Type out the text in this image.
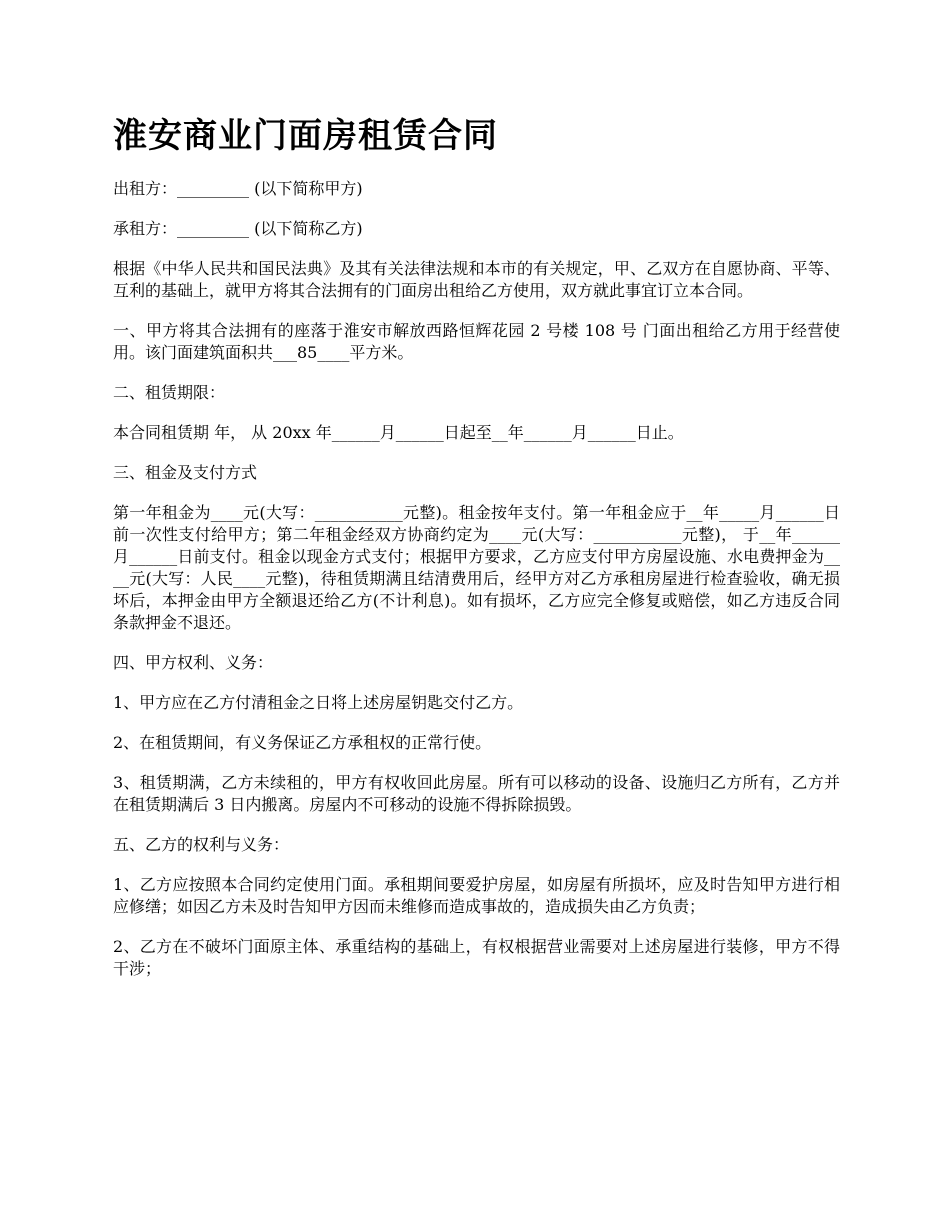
淮安商业门面房租赁合同

出租方：_________ (以下简称甲方)

承租方：_________ (以下简称乙方)

根据《中华人民共和国民法典》及其有关法律法规和本市的有关规定，甲、乙双方在自愿协商、平等、互利的基础上，就甲方将其合法拥有的门面房出租给乙方使用，双方就此事宜订立本合同。

一、甲方将其合法拥有的座落于淮安市解放西路恒辉花园 2 号楼 108 号 门面出租给乙方用于经营使用。该门面建筑面积共___85____平方米。

二、租赁期限：

本合同租赁期 年， 从 20xx 年______月______日起至__年______月______日止。

三、租金及支付方式

第一年租金为____元(大写：___________元整)。租金按年支付。第一年租金应于__年_____月______日前一次性支付给甲方；第二年租金经双方协商约定为____元(大写：___________元整)， 于__年______月______日前支付。租金以现金方式支付；根据甲方要求，乙方应支付甲方房屋设施、水电费押金为____元(大写：人民____元整)，待租赁期满且结清费用后，经甲方对乙方承租房屋进行检查验收，确无损坏后，本押金由甲方全额退还给乙方(不计利息)。如有损坏，乙方应完全修复或赔偿，如乙方违反合同条款押金不退还。

四、甲方权利、义务：

1、甲方应在乙方付清租金之日将上述房屋钥匙交付乙方。

2、在租赁期间，有义务保证乙方承租权的正常行使。

3、租赁期满，乙方未续租的，甲方有权收回此房屋。所有可以移动的设备、设施归乙方所有，乙方并在租赁期满后 3 日内搬离。房屋内不可移动的设施不得拆除损毁。

五、乙方的权利与义务：

1、乙方应按照本合同约定使用门面。承租期间要爱护房屋，如房屋有所损坏，应及时告知甲方进行相应修缮；如因乙方未及时告知甲方因而未维修而造成事故的，造成损失由乙方负责；

2、乙方在不破坏门面原主体、承重结构的基础上，有权根据营业需要对上述房屋进行装修，甲方不得干涉；
